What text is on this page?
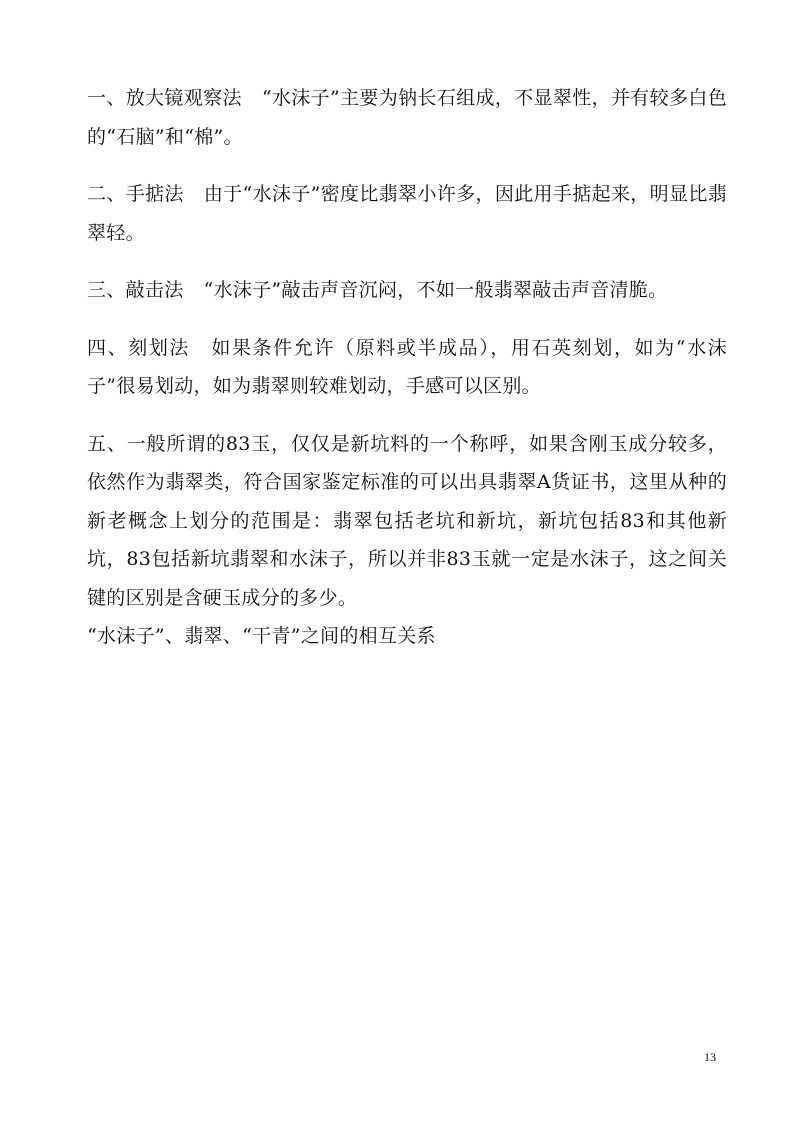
一、放大镜观察法 “水沫子”主要为钠长石组成，不显翠性，并有较多白色的“石脑”和“棉”。

二、手掂法 由于“水沫子”密度比翡翠小许多，因此用手掂起来，明显比翡翠轻。

三、敲击法 “水沫子”敲击声音沉闷，不如一般翡翠敲击声音清脆。

四、刻划法 如果条件允许（原料或半成品），用石英刻划，如为“水沫子”很易划动，如为翡翠则较难划动，手感可以区别。

五、一般所谓的83玉，仅仅是新坑料的一个称呼，如果含刚玉成分较多，依然作为翡翠类，符合国家鉴定标准的可以出具翡翠A货证书，这里从种的新老概念上划分的范围是：翡翠包括老坑和新坑，新坑包括83和其他新坑，83包括新坑翡翠和水沫子，所以并非83玉就一定是水沫子，这之间关键的区别是含硬玉成分的多少。

“水沫子”、翡翠、“干青”之间的相互关系

13
